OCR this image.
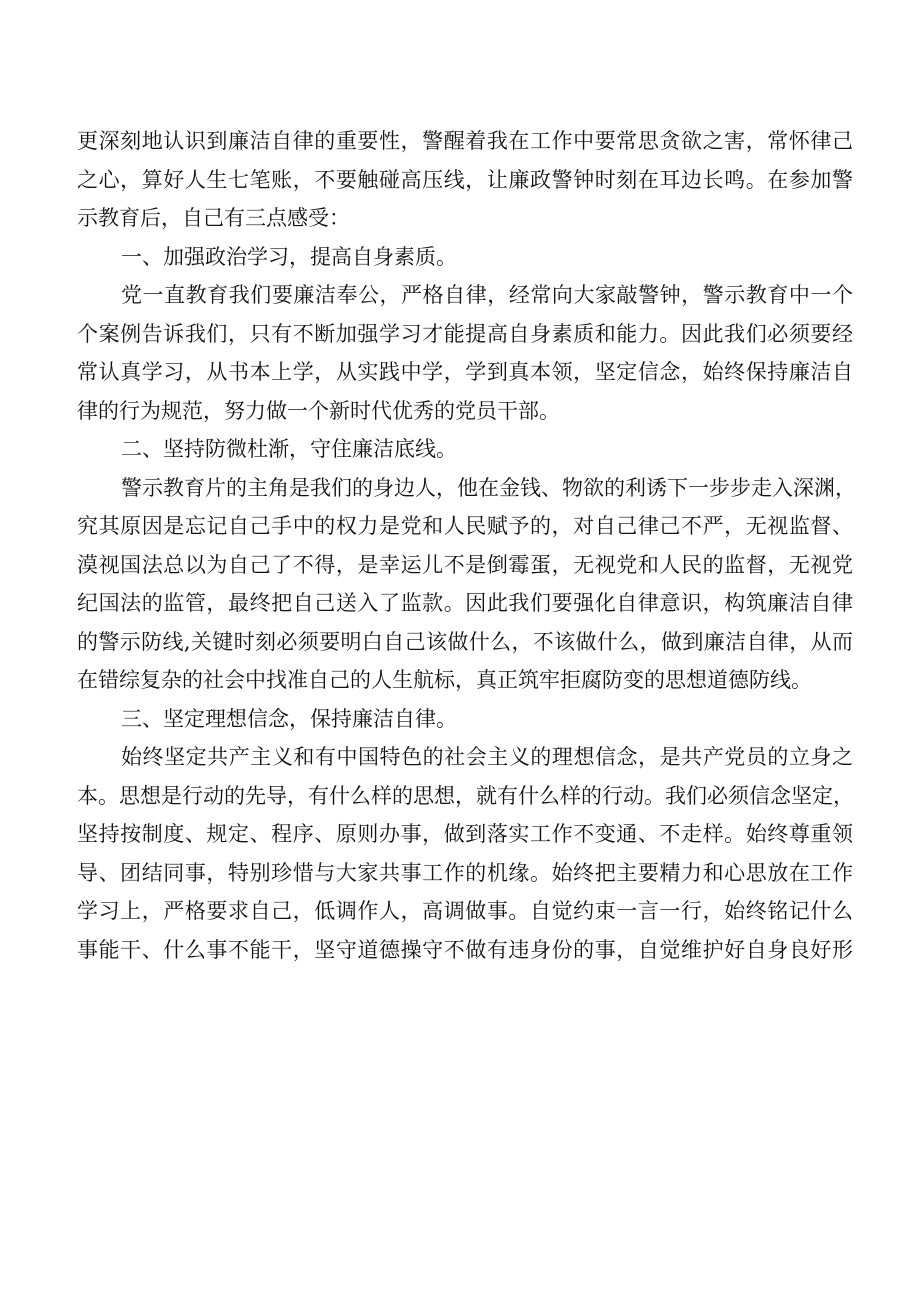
更深刻地认识到廉洁自律的重要性，警醒着我在工作中要常思贪欲之害，常怀律己
之心，算好人生七笔账，不要触碰高压线，让廉政警钟时刻在耳边长鸣。在参加警
示教育后，自己有三点感受：
一、加强政治学习，提高自身素质。
党一直教育我们要廉洁奉公，严格自律，经常向大家敲警钟，警示教育中一个
个案例告诉我们，只有不断加强学习才能提高自身素质和能力。因此我们必须要经
常认真学习，从书本上学，从实践中学，学到真本领，坚定信念，始终保持廉洁自
律的行为规范，努力做一个新时代优秀的党员干部。
二、坚持防微杜渐，守住廉洁底线。
警示教育片的主角是我们的身边人，他在金钱、物欲的利诱下一步步走入深渊，
究其原因是忘记自己手中的权力是党和人民赋予的，对自己律己不严，无视监督、
漠视国法总以为自己了不得，是幸运儿不是倒霉蛋，无视党和人民的监督，无视党
纪国法的监管，最终把自己送入了监款。因此我们要强化自律意识，构筑廉洁自律
的警示防线,关键时刻必须要明白自己该做什么，不该做什么，做到廉洁自律，从而
在错综复杂的社会中找准自己的人生航标，真正筑牢拒腐防变的思想道德防线。
三、坚定理想信念，保持廉洁自律。
始终坚定共产主义和有中国特色的社会主义的理想信念，是共产党员的立身之
本。思想是行动的先导，有什么样的思想，就有什么样的行动。我们必须信念坚定，
坚持按制度、规定、程序、原则办事，做到落实工作不变通、不走样。始终尊重领
导、团结同事，特别珍惜与大家共事工作的机缘。始终把主要精力和心思放在工作
学习上，严格要求自己，低调作人，高调做事。自觉约束一言一行，始终铭记什么
事能干、什么事不能干，坚守道德操守不做有违身份的事，自觉维护好自身良好形
